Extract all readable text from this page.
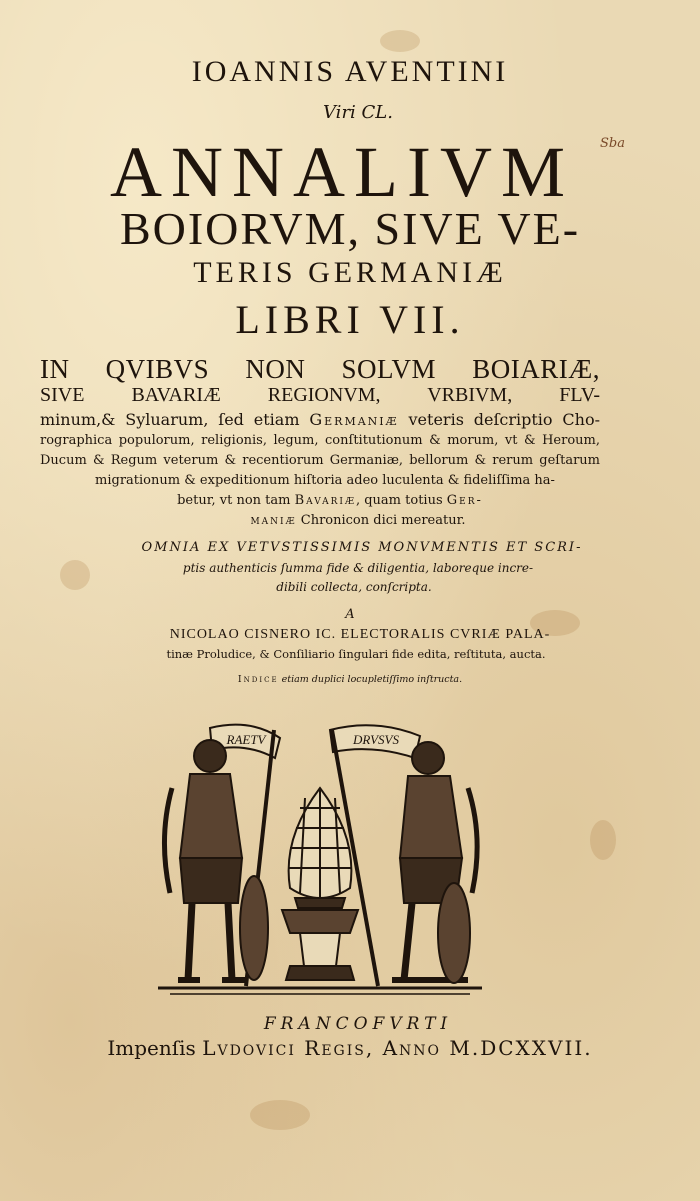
IOANNIS AVENTINI
Viri CL.
ANNALIVM	Sba
BOIORVM, SIVE VE-
TERIS GERMANIÆ
LIBRI VII.
IN QVIBVS NON SOLVM BOIARIÆ,
SIVE BAVARIÆ REGIONVM, VRBIVM, FLV-
minum,& Syluarum, ſed etiam Germaniæ veteris deſcriptio Cho-
rographica populorum, religionis, legum, conſtitutionum & morum, vt & Heroum,
Ducum & Regum veterum & recentiorum Germaniæ, bellorum & rerum geſtarum
migrationum & expeditionum hiſtoria adeo luculenta & fideliſſima ha-
betur, vt non tam Bavariæ, quam totius Ger-
maniæ Chronicon dici mereatur.
OMNIA EX VETVSTISSIMIS MONVMENTIS ET SCRI-
ptis authenticis ſumma fide & diligentia, laboreque incre-
dibili collecta, conſcripta.
A
NICOLAO CISNERO IC. ELECTORALIS CVRIÆ PALA-
tinæ Proludice, & Conſiliario ſingulari fide edita, reſtituta, aucta.
Indice etiam duplici locupletiſſimo inſtructa.
RAETV	DRVSVS
FRANCOFVRTI
Impenſis Lvdovici Regis, Anno M.DCXXVII.
